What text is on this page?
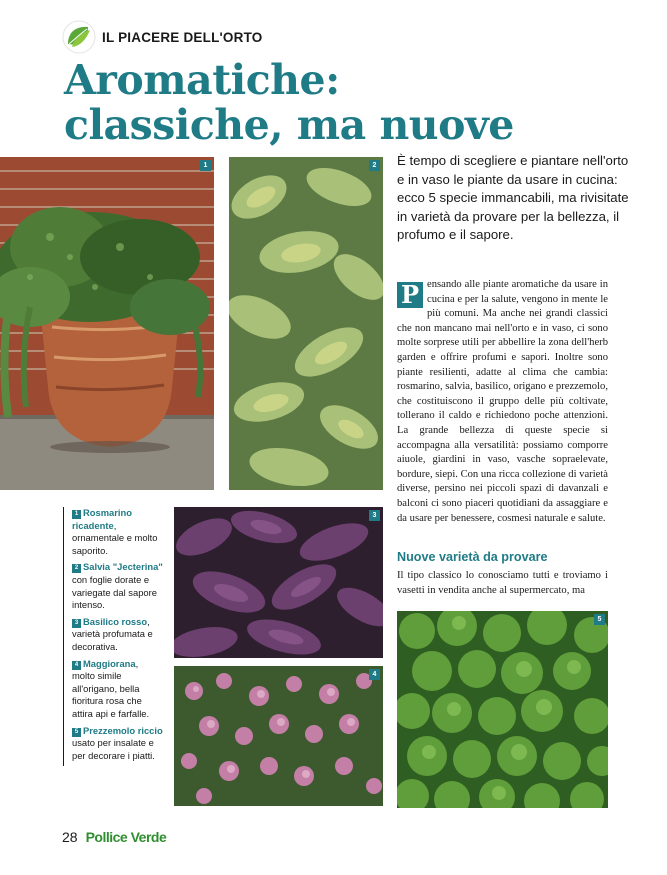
IL PIACERE DELL'ORTO
Aromatiche:
classiche, ma nuove
1	2 È tempo di scegliere e piantare nell'orto e in vaso le piante da usare in cucina: ecco 5 specie immancabili, ma rivisitate in varietà da provare per la bellezza, il profumo e il sapore.

P ensando alle piante aromatiche da usare in cucina e per la salute, vengono in mente le più comuni. Ma anche nei grandi classici che non mancano mai nell'orto e in vaso, ci sono molte sorprese utili per abbellire la zona dell'herb garden e offrire profumi e sapori. Inoltre sono piante resilienti, adatte al clima che cambia: rosmarino, salvia, basilico, origano e prezzemolo, che costituiscono il gruppo delle più coltivate, tollerano il caldo e richiedono poche attenzioni. La grande bellezza di queste specie si accompagna alla versatilità: possiamo comporre aiuole, giardini in vaso, vasche sopraelevate, bordure, siepi. Con una ricca collezione di varietà diverse, persino nei piccoli spazi di davanzali e balconi ci sono piaceri quotidiani da assaggiare e da usare per benessere, cosmesi naturale e salute.
Nuove varietà da provare

Il tipo classico lo conosciamo tutti e troviamo i vasetti in vendita anche al supermercato, ma

1 Rosmarino ricadente, ornamentale e molto saporito.
2 Salvia "Jecterina" con foglie dorate e variegate dal sapore intenso.
3 Basilico rosso, varietà profumata e decorativa.
4 Maggiorana, molto simile all'origano, bella fioritura rosa che attira api e farfalle.
5 Prezzemolo riccio usato per insalate e per decorare i piatti.
3
4
5
28 Pollice Verde
